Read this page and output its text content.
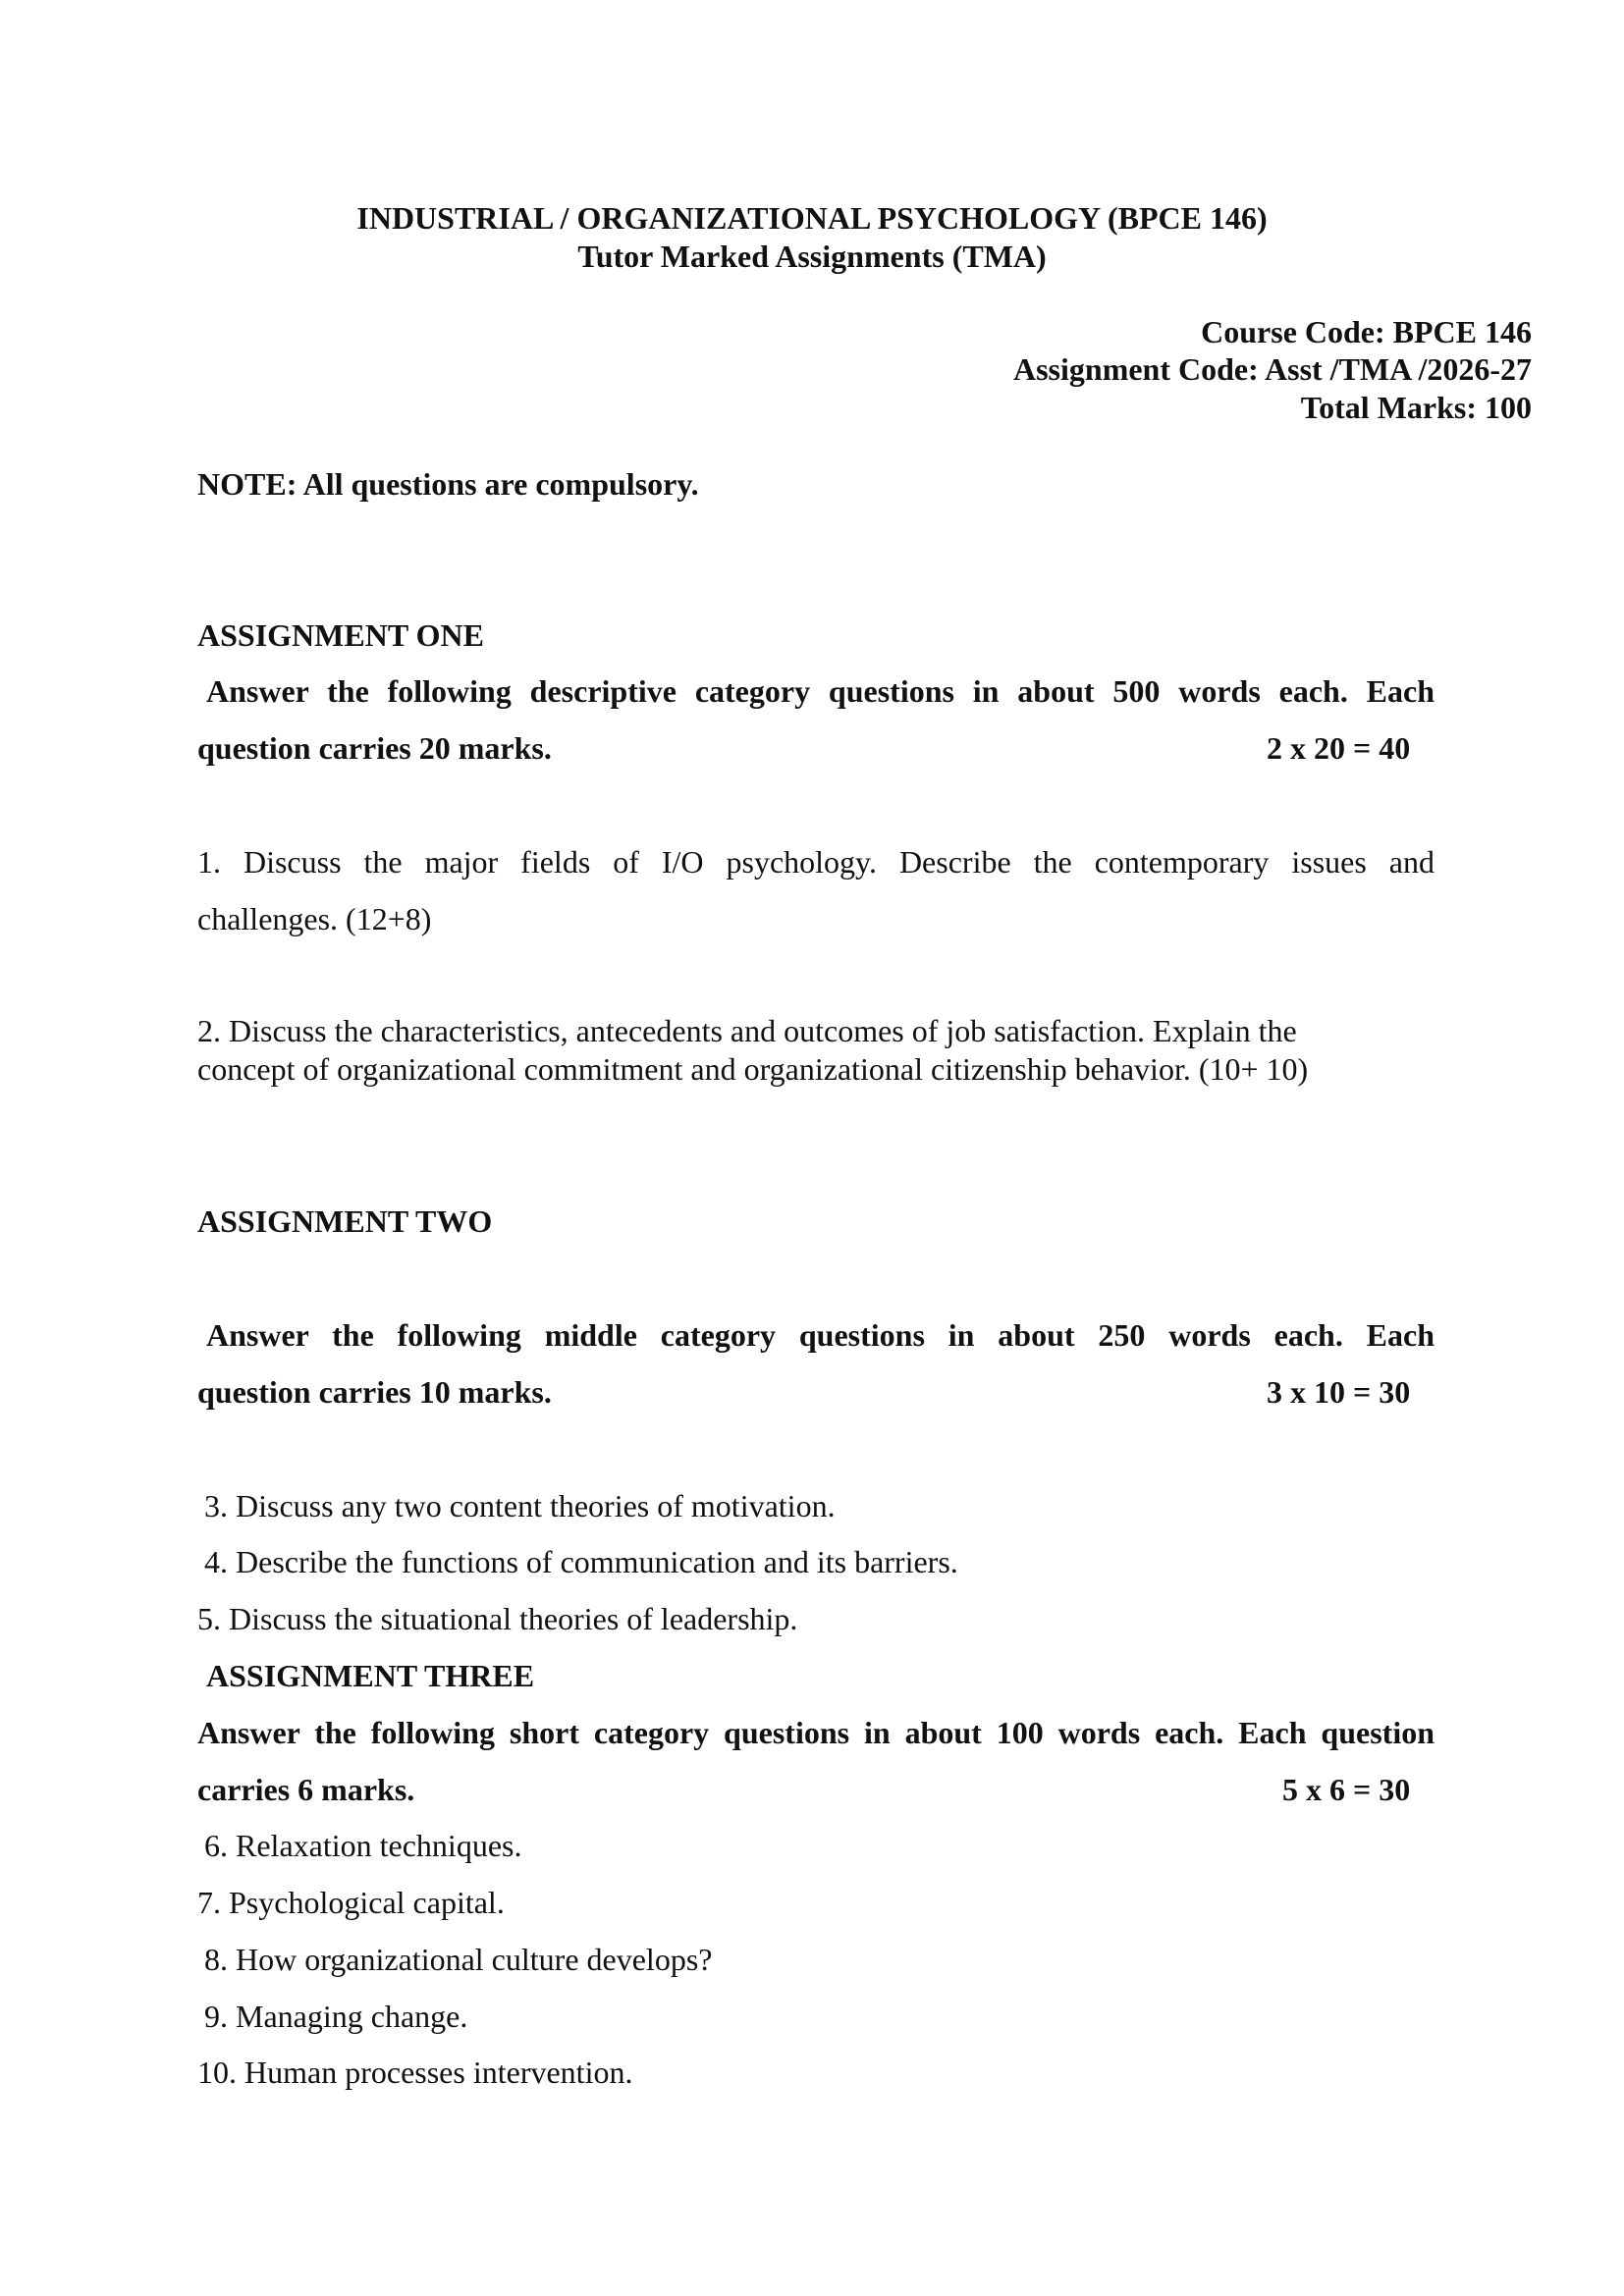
INDUSTRIAL / ORGANIZATIONAL PSYCHOLOGY (BPCE 146)
Tutor Marked Assignments (TMA)
Course Code: BPCE 146
Assignment Code: Asst /TMA /2026-27
Total Marks: 100
NOTE: All questions are compulsory.
ASSIGNMENT ONE
Answer the following descriptive category questions in about 500 words each. Each
question carries 20 marks.	2 x 20 = 40
1. Discuss the major fields of I/O psychology. Describe the contemporary issues and
challenges. (12+8)
2. Discuss the characteristics, antecedents and outcomes of job satisfaction. Explain the
concept of organizational commitment and organizational citizenship behavior. (10+ 10)
ASSIGNMENT TWO
Answer the following middle category questions in about 250 words each. Each
question carries 10 marks.	3 x 10 = 30
3. Discuss any two content theories of motivation.
4. Describe the functions of communication and its barriers.
5. Discuss the situational theories of leadership.
ASSIGNMENT THREE
Answer the following short category questions in about 100 words each. Each question
carries 6 marks.	5 x 6 = 30
6. Relaxation techniques.
7. Psychological capital.
8. How organizational culture develops?
9. Managing change.
10. Human processes intervention.
